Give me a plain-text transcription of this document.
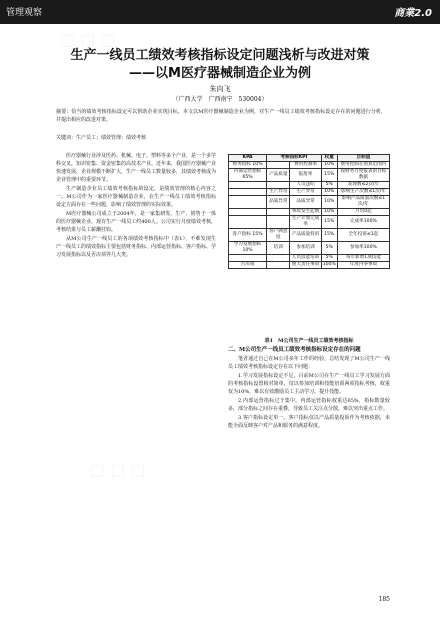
管理观察	商業2.0
生产一线员工绩效考核指标设定问题浅析与改进对策
——以M医疗器械制造企业为例
朱向飞
（广西大学　广西南宁　530004）
摘要：恰当的绩效考核指标设定可以帮助企业实现目标，本文以M医疗器械制造企业为例，对生产一线员工绩效考核指标设定存在的问题进行分析，并提出相应的改进对策。
关键词：生产员工；绩效管理；绩效考核

医疗器械行业涉及医药、机械、电子、塑料等多个产业，是一个多学科交叉、知识密集、资金密集的高技术产业。近年来，我国医疗器械产业快速发展，企业规模不断扩大，生产一线员工数量较多，其绩效考核成为企业管理中的重要环节。

生产制造企业员工绩效考核指标的设定，是绩效管理的核心内容之一。M公司作为一家医疗器械制造企业，在生产一线员工绩效考核指标设定方面存在一些问题，影响了绩效管理的实际效果。

M医疗器械公司成立于2004年，是一家集研发、生产、销售于一体的医疗器械企业，现有生产一线员工约400人。公司实行月度绩效考核，考核结果与员工薪酬挂钩。

从M公司生产一线员工的各项绩效考核指标中（表1），不难发现生产一线员工的绩效指标主要包括财务指标、内部运营指标、客户指标、学习发展指标以及否决项等几大类。

KPA	考核指标KPI		权重	目标值
财务指标 10%		费用控制率	10%	费用控制在预算范围内
内部运营指标 65%	产品质量	报废率	15%	按财务月度报表的目标数据
		人员违纪	5%	发现数≤2次/年
	生产异常	生产异常	10%	影响生产次数≤1次/年
	品质异常	品质异常	10%	影响产品质量次数≤1次/年
		事故发生起数	10%	月均0起
		生产计划完成率	15%	完成率100%
客户指标 15%	客户满意度	产品质量投诉	15%	全年投诉≤1起
学习发展指标 10%	培训	参加培训	5%	参加率100%
		人员技能培训	5%	每年新增1项技能
否决项		重大责任事故	100%	年度内零事故
表1　M公司生产一线员工绩效考核指标
二、M公司生产一线员工绩效考核指标设定存在的问题

笔者通过自己在M公司多年工作的经验，总结发现了M公司生产一线员工绩效考核指标设定存在以下问题：

1.学习发展指标设定不足。目前M公司在生产一线员工学习发展方面的考核指标设置相对简单，仅以参加培训和技能培训两项指标考核，权重仅为10%，难以有效激励员工主动学习、提升技能。

2.内部运营指标过于集中。内部运营指标权重达65%，指标数量较多，部分指标之间存在重叠，导致员工关注点分散，难以突出重点工作。

3.客户指标设定单一。客户指标仅以产品质量投诉作为考核依据，未能全面反映客户对产品和服务的满意程度。

185
